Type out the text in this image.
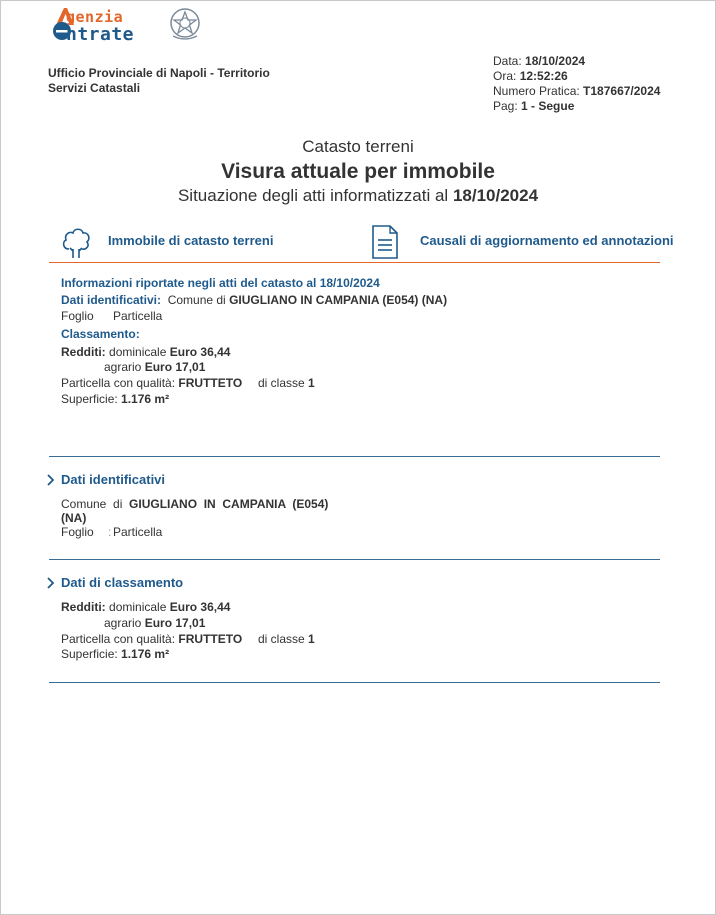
genzia
ntrate
Ufficio Provinciale di Napoli - Territorio
Servizi Catastali
Data: 18/10/2024
Ora: 12:52:26
Numero Pratica: T187667/2024
Pag: 1 - Segue
Catasto terreni
Visura attuale per immobile
Situazione degli atti informatizzati al 18/10/2024
Immobile di catasto terreni	Causali di aggiornamento ed annotazioni
Informazioni riportate negli atti del catasto al 18/10/2024
Dati identificativi: Comune di GIUGLIANO IN CAMPANIA (E054) (NA)
Foglio Particella
Classamento:
Redditi: dominicale Euro 36,44
agrario Euro 17,01
Particella con qualità: FRUTTETO di classe 1
Superficie: 1.176 m²
Dati identificativi
Comune  di GIUGLIANO  IN  CAMPANIA  (E054)
(NA)
Foglio : Particella
Dati di classamento
Redditi: dominicale Euro 36,44
agrario Euro 17,01
Particella con qualità: FRUTTETO di classe 1
Superficie: 1.176 m²
